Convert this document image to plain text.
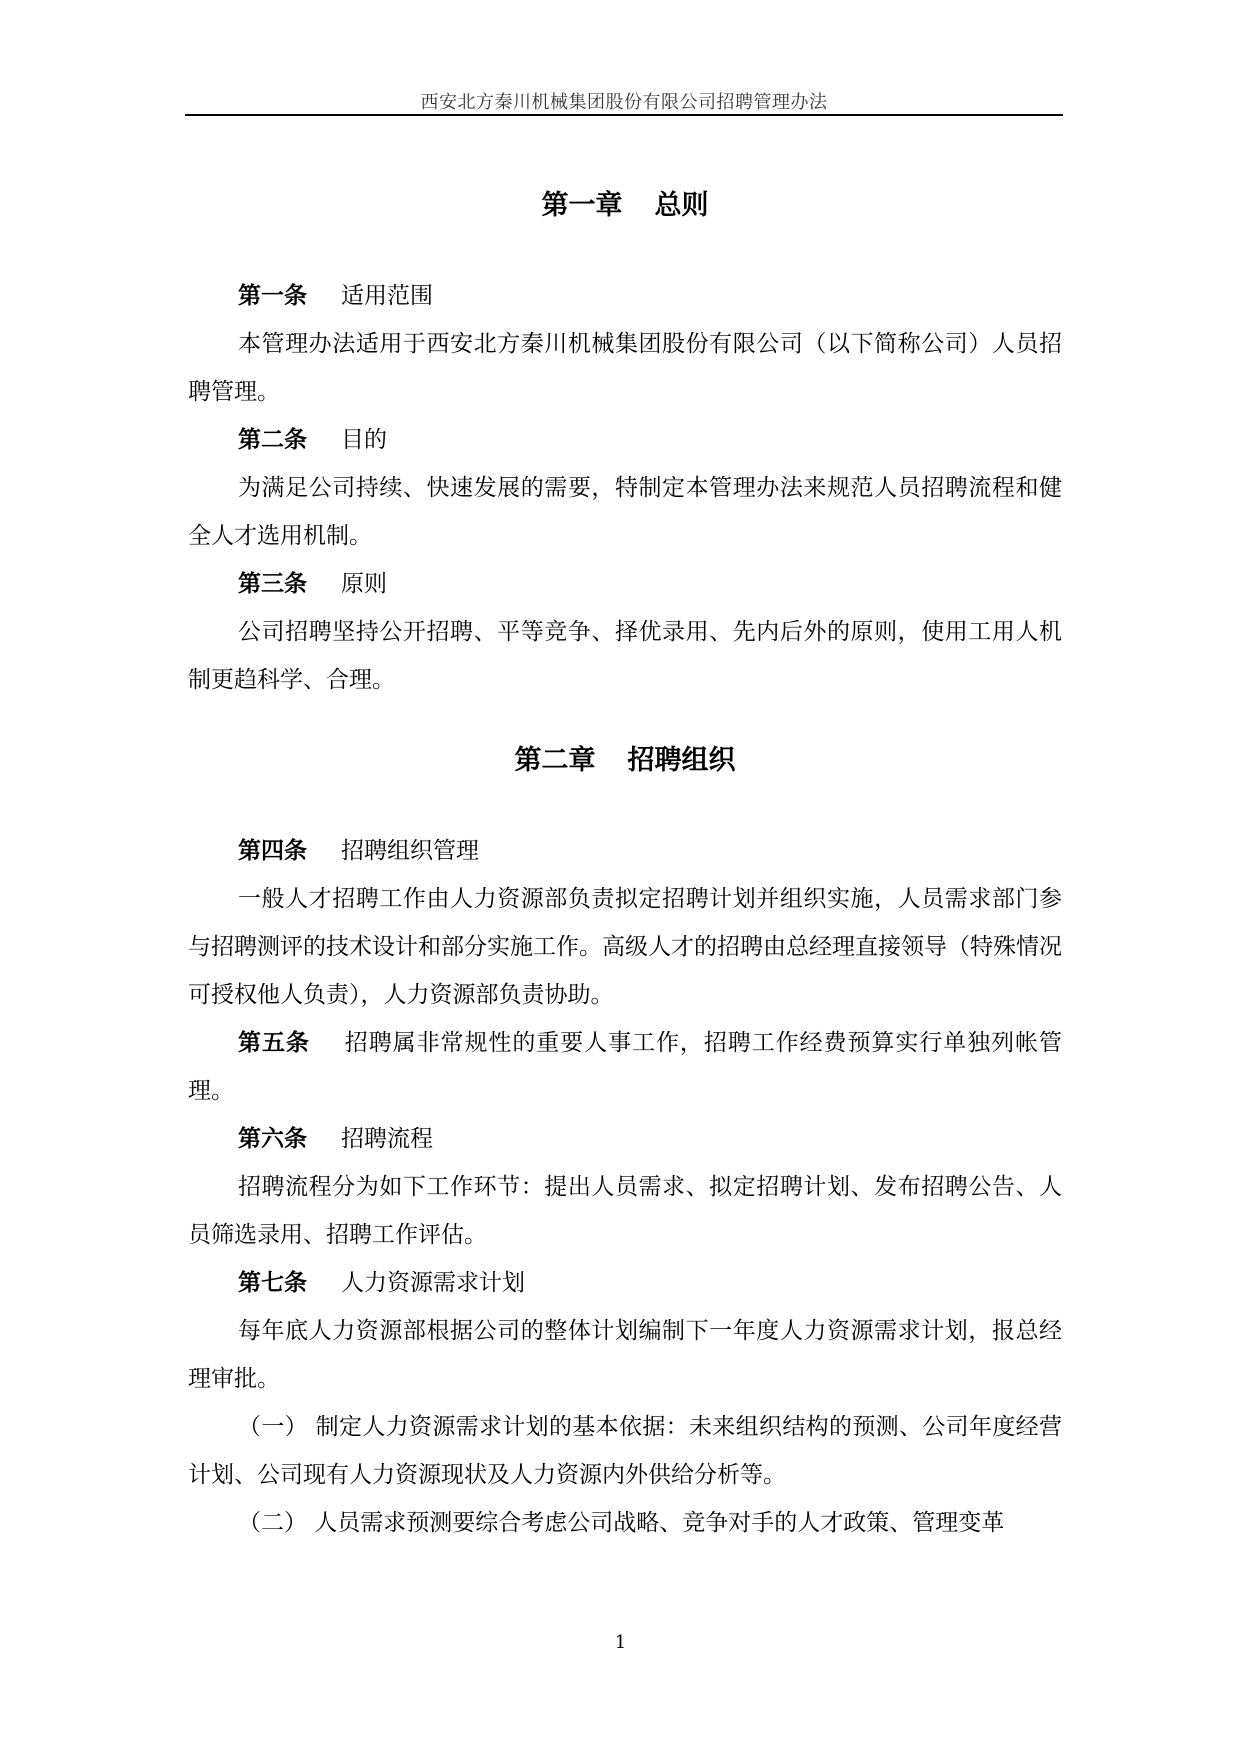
西安北方秦川机械集团股份有限公司招聘管理办法
第一章 总则

第一条 适用范围

本管理办法适用于西安北方秦川机械集团股份有限公司（以下简称公司）人员招聘管理。

第二条 目的

为满足公司持续、快速发展的需要，特制定本管理办法来规范人员招聘流程和健全人才选用机制。

第三条 原则

公司招聘坚持公开招聘、平等竞争、择优录用、先内后外的原则，使用工用人机制更趋科学、合理。

第二章 招聘组织

第四条 招聘组织管理

一般人才招聘工作由人力资源部负责拟定招聘计划并组织实施，人员需求部门参与招聘测评的技术设计和部分实施工作。高级人才的招聘由总经理直接领导（特殊情况可授权他人负责），人力资源部负责协助。

第五条 招聘属非常规性的重要人事工作，招聘工作经费预算实行单独列帐管理。

第六条 招聘流程

招聘流程分为如下工作环节：提出人员需求、拟定招聘计划、发布招聘公告、人员筛选录用、招聘工作评估。

第七条 人力资源需求计划

每年底人力资源部根据公司的整体计划编制下一年度人力资源需求计划，报总经理审批。

（一） 制定人力资源需求计划的基本依据：未来组织结构的预测、公司年度经营计划、公司现有人力资源现状及人力资源内外供给分析等。

（二） 人员需求预测要综合考虑公司战略、竞争对手的人才政策、管理变革

1
